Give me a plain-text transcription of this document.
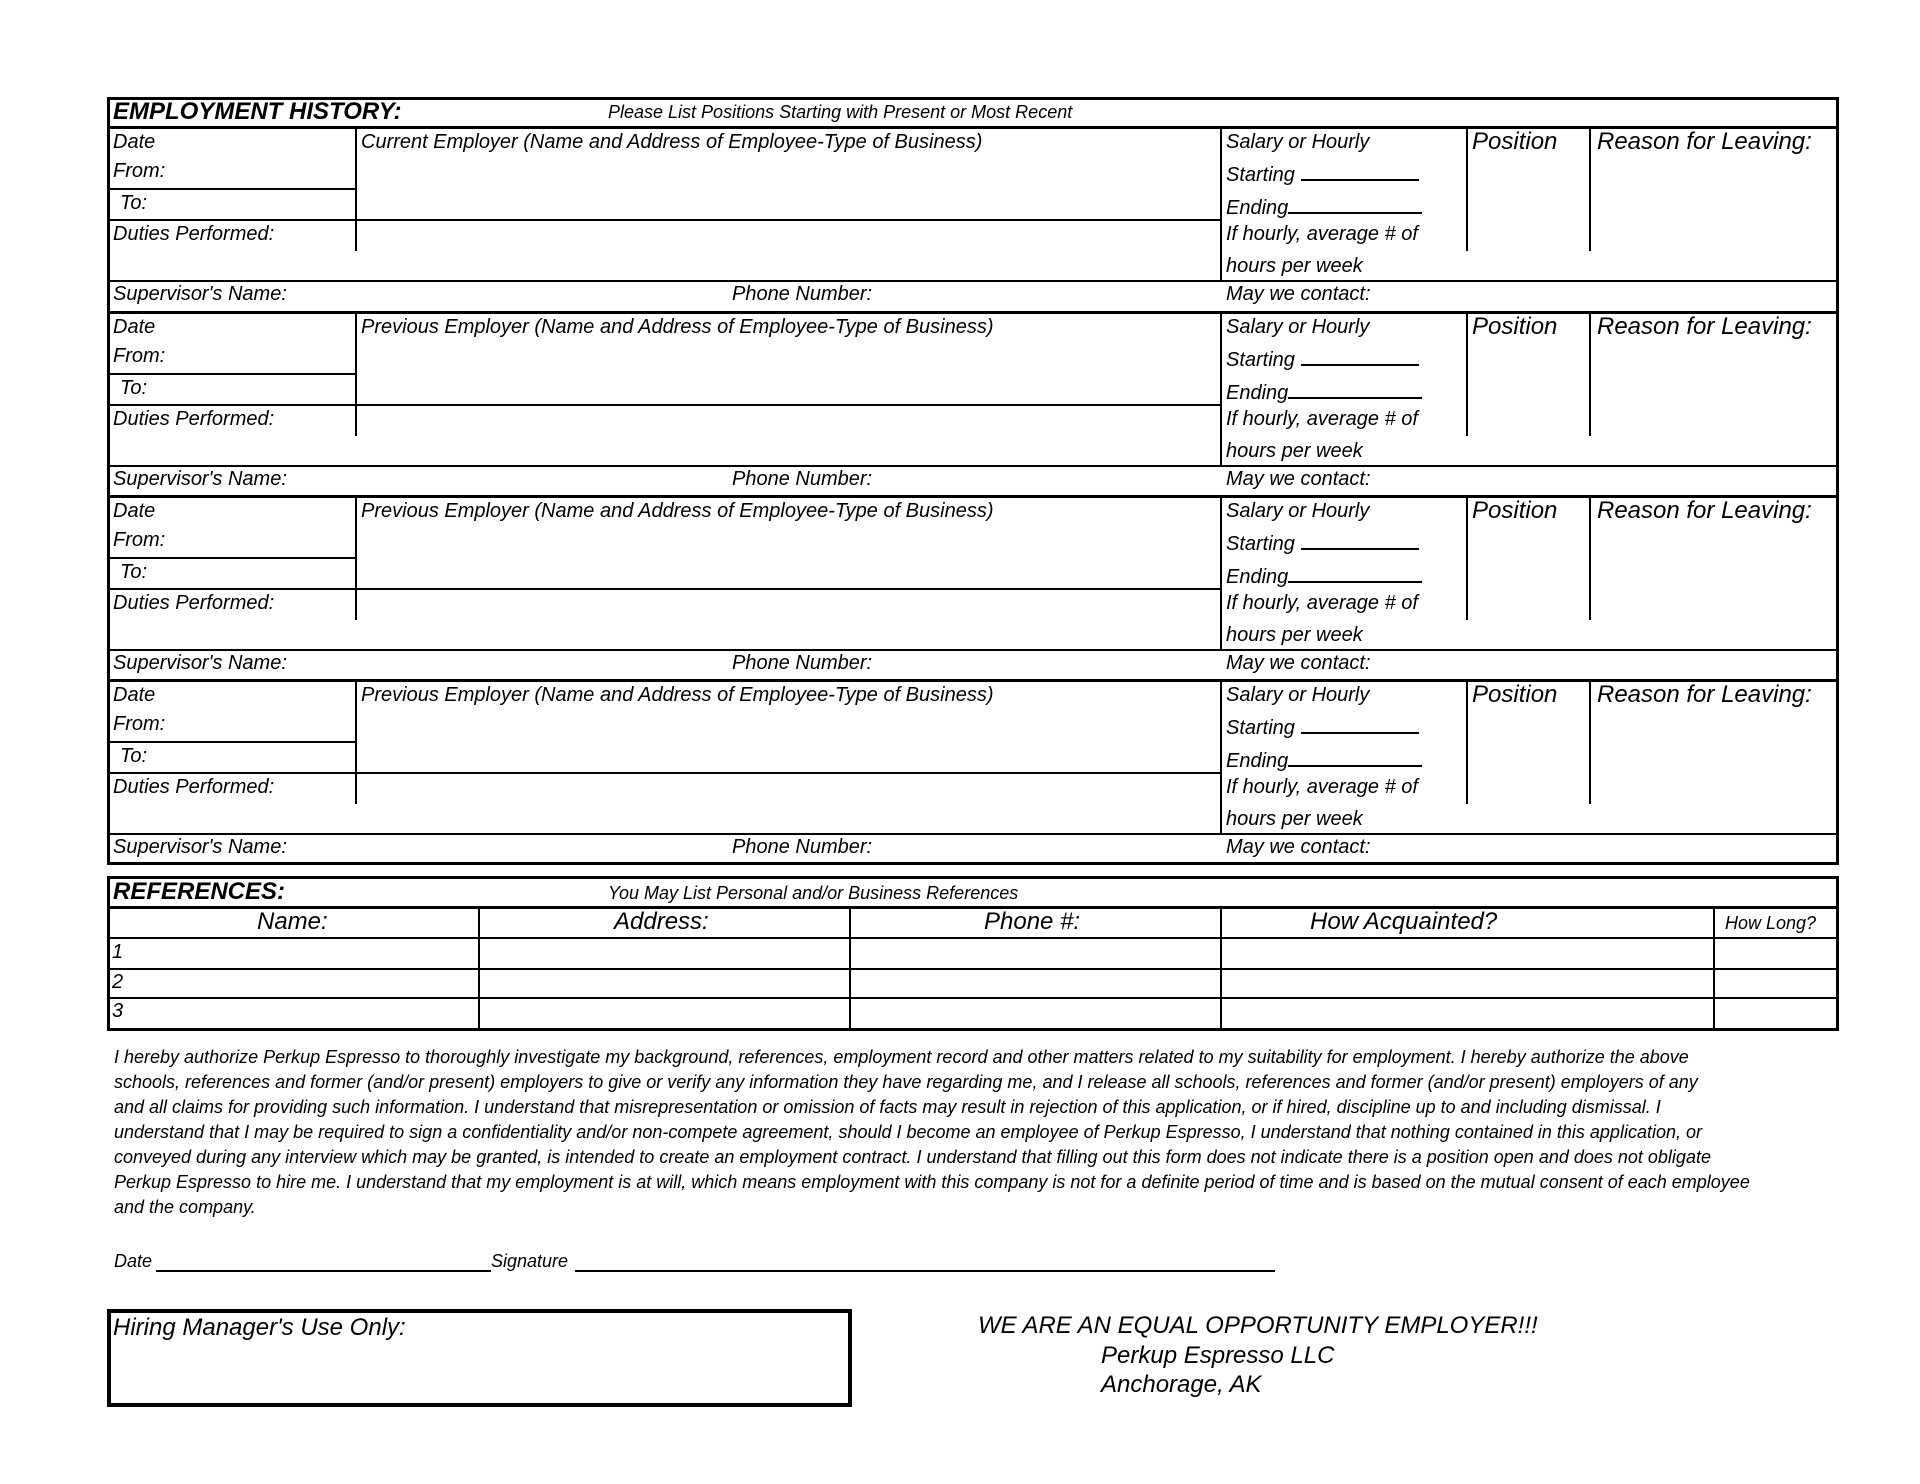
EMPLOYMENT HISTORY:	Please List Positions Starting with Present or Most Recent
Date
From:
To:
Current Employer (Name and Address of Employee-Type of Business)
Duties Performed:
Salary or Hourly
Starting
Ending
If hourly, average # of
hours per week
Position Reason for Leaving:
Supervisor's Name:	Phone Number:	May we contact:
Date
From:
To:
Previous Employer (Name and Address of Employee-Type of Business)
Duties Performed:
Salary or Hourly
Starting
Ending
If hourly, average # of
hours per week
Position Reason for Leaving:
Supervisor's Name:	Phone Number:	May we contact:
Date
From:
To:
Previous Employer (Name and Address of Employee-Type of Business)
Duties Performed:
Salary or Hourly
Starting
Ending
If hourly, average # of
hours per week
Position Reason for Leaving:
Supervisor's Name:	Phone Number:	May we contact:
Date
From:
To:
Previous Employer (Name and Address of Employee-Type of Business)
Duties Performed:
Salary or Hourly
Starting
Ending
If hourly, average # of
hours per week
Position Reason for Leaving:
Supervisor's Name:	Phone Number:	May we contact:
REFERENCES:	You May List Personal and/or Business References
Name:	Address:	Phone #:	How Acquainted?	How Long?
1
2
3
I hereby authorize Perkup Espresso to thoroughly investigate my background, references, employment record and other matters related to my suitability for employment. I hereby authorize the above
schools, references and former (and/or present) employers to give or verify any information they have regarding me, and I release all schools, references and former (and/or present) employers of any
and all claims for providing such information. I understand that misrepresentation or omission of facts may result in rejection of this application, or if hired, discipline up to and including dismissal. I
understand that I may be required to sign a confidentiality and/or non-compete agreement, should I become an employee of Perkup Espresso, I understand that nothing contained in this application, or
conveyed during any interview which may be granted, is intended to create an employment contract. I understand that filling out this form does not indicate there is a position open and does not obligate
Perkup Espresso to hire me. I understand that my employment is at will, which means employment with this company is not for a definite period of time and is based on the mutual consent of each employee
and the company.
Date	Signature
Hiring Manager's Use Only:	WE ARE AN EQUAL OPPORTUNITY EMPLOYER!!!
Perkup Espresso LLC
Anchorage, AK
